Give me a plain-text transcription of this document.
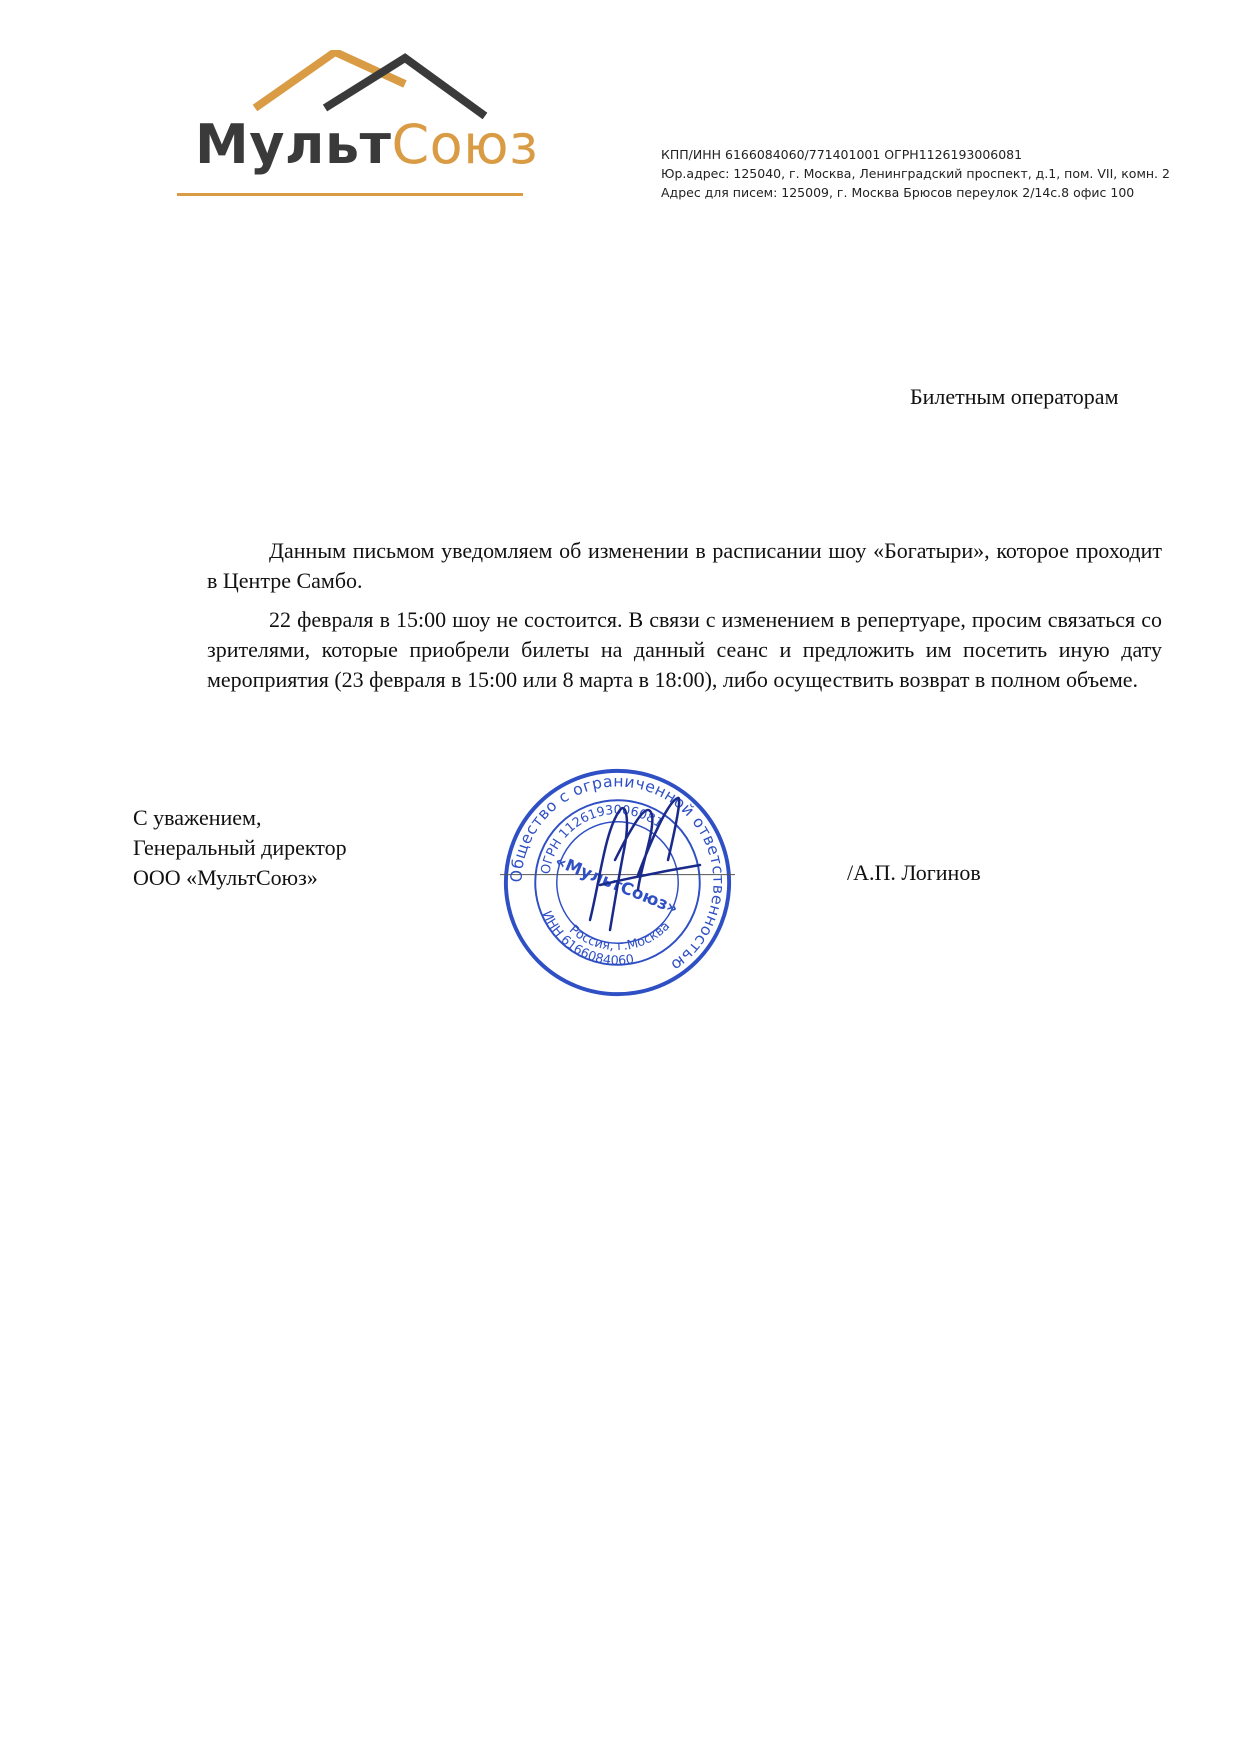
МультСоюз	КПП/ИНН 6166084060/771401001 ОГРН1126193006081
Юр.адрес: 125040, г. Москва, Ленинградский проспект, д.1, пом. VII, комн. 2
Адрес для писем: 125009, г. Москва Брюсов переулок 2/14с.8 офис 100
Билетным операторам

Данным письмом уведомляем об изменении в расписании шоу «Богатыри», которое проходит в Центре Самбо.

22 февраля в 15:00 шоу не состоится. В связи с изменением в репертуаре, просим связаться со зрителями, которые приобрели билеты на данный сеанс и предложить им посетить иную дату мероприятия (23 февраля в 15:00 или 8 марта в 18:00), либо осуществить возврат в полном объеме.

С уважением,
Генеральный директор
ООО «МультСоюз»	Общество с ограниченной ответственностью
ОГРН 1126193006081
ИНН 6166084060
Россия, г.Москва
«МультСоюз»	/А.П. Логинов
